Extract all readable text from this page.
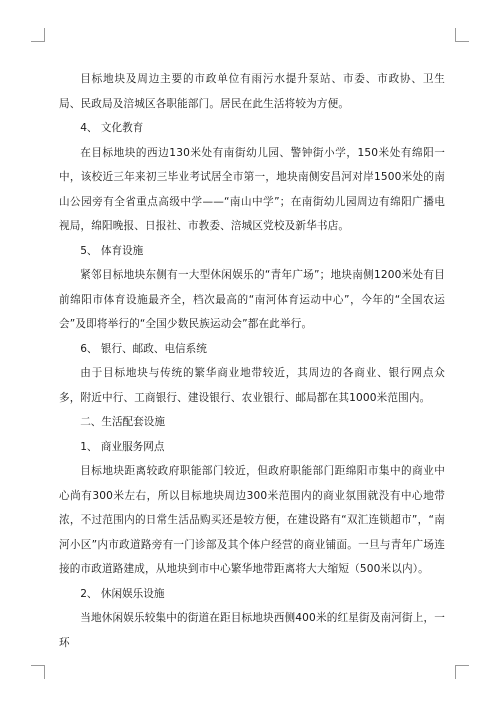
目标地块及周边主要的市政单位有雨污水提升泵站、市委、市政协、卫生局、民政局及涪城区各职能部门。居民在此生活将较为方便。

4、 文化教育

在目标地块的西边130米处有南街幼儿园、警钟街小学，150米处有绵阳一中，该校近三年来初三毕业考试居全市第一，地块南侧安昌河对岸1500米处的南山公园旁有全省重点高级中学——“南山中学”；在南街幼儿园周边有绵阳广播电视局，绵阳晚报、日报社、市教委、涪城区党校及新华书店。

5、 体育设施

紧邻目标地块东侧有一大型休闲娱乐的“青年广场”；地块南侧1200米处有目前绵阳市体育设施最齐全，档次最高的“南河体育运动中心”，今年的“全国农运会”及即将举行的“全国少数民族运动会”都在此举行。

6、 银行、邮政、电信系统

由于目标地块与传统的繁华商业地带较近，其周边的各商业、银行网点众多，附近中行、工商银行、建设银行、农业银行、邮局都在其1000米范围内。

二、生活配套设施

1、 商业服务网点

目标地块距离较政府职能部门较近，但政府职能部门距绵阳市集中的商业中心尚有300米左右，所以目标地块周边300米范围内的商业氛围就没有中心地带浓，不过范围内的日常生活品购买还是较方便，在建设路有“双汇连锁超市”，“南河小区”内市政道路旁有一门诊部及其个体户经营的商业铺面。一旦与青年广场连接的市政道路建成，从地块到市中心繁华地带距离将大大缩短（500米以内）。

2、 休闲娱乐设施

当地休闲娱乐较集中的街道在距目标地块西侧400米的红星街及南河街上，一环
